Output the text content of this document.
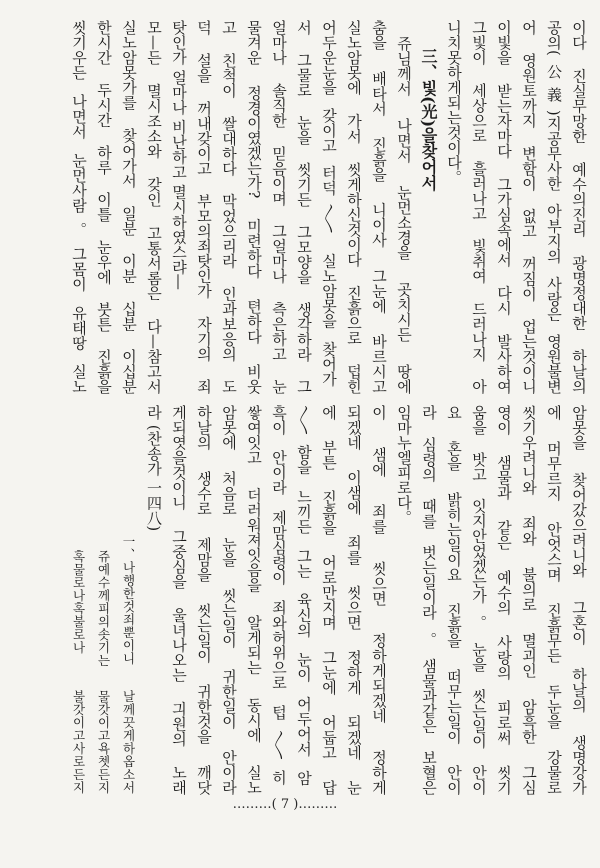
이다 진실무망한 예수의진리 광명정대한 하날의
공의(公義)지공무사한 아부지의 사랑은 영원불변
어 영원토까지 변함이 없고 꺼짐이 업는것이니
이빛을 받는자마다 그가심속에서 다시 발사하여
그빛이 세상으로 흘러나고 빛취여 드러나지 아
니치못하게되는것이다。
三、빛(光)을찾어서
쥬님께서 나면서 눈먼소경을 곳치시든 땅에
춤을 배타서 진흙을 니이사 그눈에 바르시고
실노암못에 가서 씻게하신것이다 진흙으로 덥힌
어두운눈을 갖이고 터덕〳〵 실노암못을 찾어가
서 그물로 눈을 씻기든 그모양을 생각하라 그
얼마나 솔직한 믿음이며 그얼마나 측은하고 눈
물겨운 정경이였겠는가? 미련하다 텬하다 비웃
고 친척이 쌀대하다 막었으리라 인과보응의 도
덕 설을 꺼내갖이고 부모의죄탓인가 자기의 죄
탓인가 얼마나 비난하고 멸시하였스랴―
모—든 멸시조소와 갖인 고통서롬은 다—참고서
실노암못가를 찾어가서 일분 이분 십분 이십분
한시간 두시간 하루 이틀 눈우에 붓튼 진흙을
씻기우든 나면서 눈먼사람。그몸이 유태땅 실노
암못을 찾어갔으려니와 그혼이 하날의 생명강가
에 머무르지 안엇스며 진흙무든 두눈을 강물로
씻기우려니와 죄와 불의로 멸괴인 암흑한 그심
영이 샘물과 같은 예수의 사랑의 피로써 씻기
움을 밧고 잇지안었겠는가。눈을 씻는일이 안이
요 혼을 밝히는일이요 진흙을 떠무는일이 안이
라 심령의 때를 벗는일이라。샘물과같은 보혈은
임마누엘피로다。
이 샘에 죄를 씻으면 정하게되겠네 정하게
되겠네 이샘에 죄를 씻으면 정하게 되겠네 눈
에 부튼 진흙을 어로만지며 그눈에 어둡고 답
〳〵함을 느끼든 그는 육신의 눈이 어두어서 암
흑이 안이라 제맘심령이 죄와허위으로 텁〳〵히
쌓여잇고 더러워져잇음을 알게되는 동시에 실노
암못에 처음로 눈을 씻는일이 귀한일이 안이라
하날의 생수로 제맘을 씻는일이 귀한것을 깨닷
게되엿을것이니 그중심을 울녀나오는 긔원의 노래
라 (찬송가 一四八)
一、나행한것죄뿐이니날께끗게하옵소서
쥬예수께피의솟기는물갓이고욕쳇든지
혹물로나혹불로나불갓이고사로든지
………( 7 )………
